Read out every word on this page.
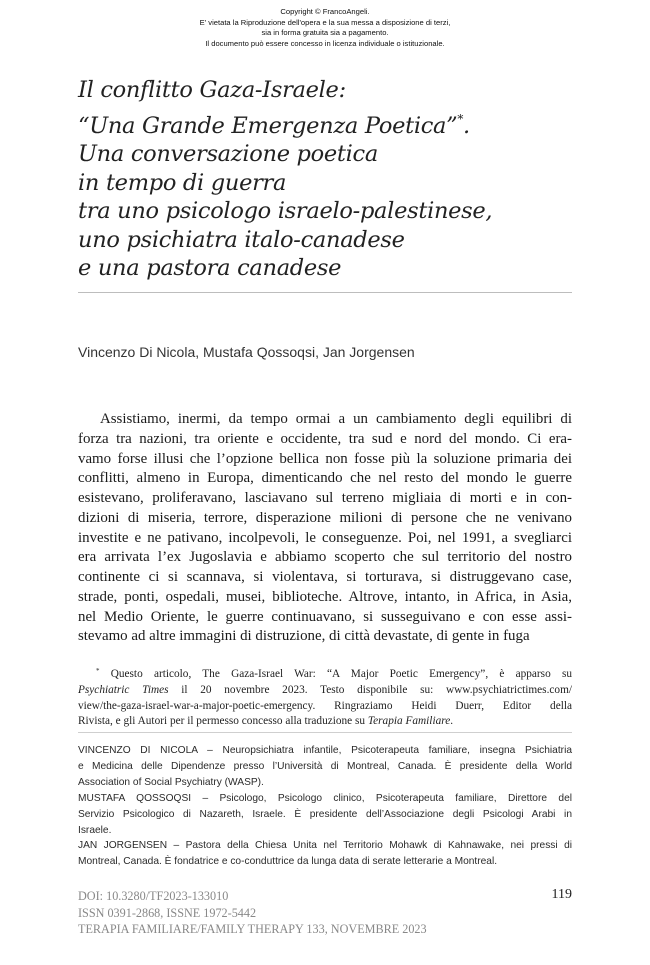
Copyright © FrancoAngeli.
E' vietata la Riproduzione dell'opera e la sua messa a disposizione di terzi,
sia in forma gratuita sia a pagamento.
Il documento può essere concesso in licenza individuale o istituzionale.
Il conflitto Gaza-Israele:
“Una Grande Emergenza Poetica”*.
Una conversazione poetica
in tempo di guerra
tra uno psicologo israelo-palestinese,
uno psichiatra italo-canadese
e una pastora canadese
Vincenzo Di Nicola, Mustafa Qossoqsi, Jan Jorgensen
Assistiamo, inermi, da tempo ormai a un cambiamento degli equilibri di
forza tra nazioni, tra oriente e occidente, tra sud e nord del mondo. Ci era-
vamo forse illusi che l’opzione bellica non fosse più la soluzione primaria dei
conflitti, almeno in Europa, dimenticando che nel resto del mondo le guerre
esistevano, proliferavano, lasciavano sul terreno migliaia di morti e in con-
dizioni di miseria, terrore, disperazione milioni di persone che ne venivano
investite e ne pativano, incolpevoli, le conseguenze. Poi, nel 1991, a svegliarci
era arrivata l’ex Jugoslavia e abbiamo scoperto che sul territorio del nostro
continente ci si scannava, si violentava, si torturava, si distruggevano case,
strade, ponti, ospedali, musei, biblioteche. Altrove, intanto, in Africa, in Asia,
nel Medio Oriente, le guerre continuavano, si susseguivano e con esse assi-
stevamo ad altre immagini di distruzione, di città devastate, di gente in fuga
* Questo articolo, The Gaza-Israel War: “A Major Poetic Emergency”, è apparso su
Psychiatric Times il 20 novembre 2023. Testo disponibile su: www.psychiatrictimes.com/
view/the-gaza-israel-war-a-major-poetic-emergency. Ringraziamo Heidi Duerr, Editor della
Rivista, e gli Autori per il permesso concesso alla traduzione su Terapia Familiare.
VINCENZO DI NICOLA – Neuropsichiatra infantile, Psicoterapeuta familiare, insegna Psichiatria
e Medicina delle Dipendenze presso l’Università di Montreal, Canada. È presidente della World
Association of Social Psychiatry (WASP).
MUSTAFA QOSSOQSI – Psicologo, Psicologo clinico, Psicoterapeuta familiare, Direttore del
Servizio Psicologico di Nazareth, Israele. È presidente dell’Associazione degli Psicologi Arabi in
Israele.
JAN JORGENSEN – Pastora della Chiesa Unita nel Territorio Mohawk di Kahnawake, nei pressi di
Montreal, Canada. È fondatrice e co-conduttrice da lunga data di serate letterarie a Montreal.
DOI: 10.3280/TF2023-133010
ISSN 0391-2868, ISSNE 1972-5442
TERAPIA FAMILIARE/FAMILY THERAPY 133, NOVEMBRE 2023
119
